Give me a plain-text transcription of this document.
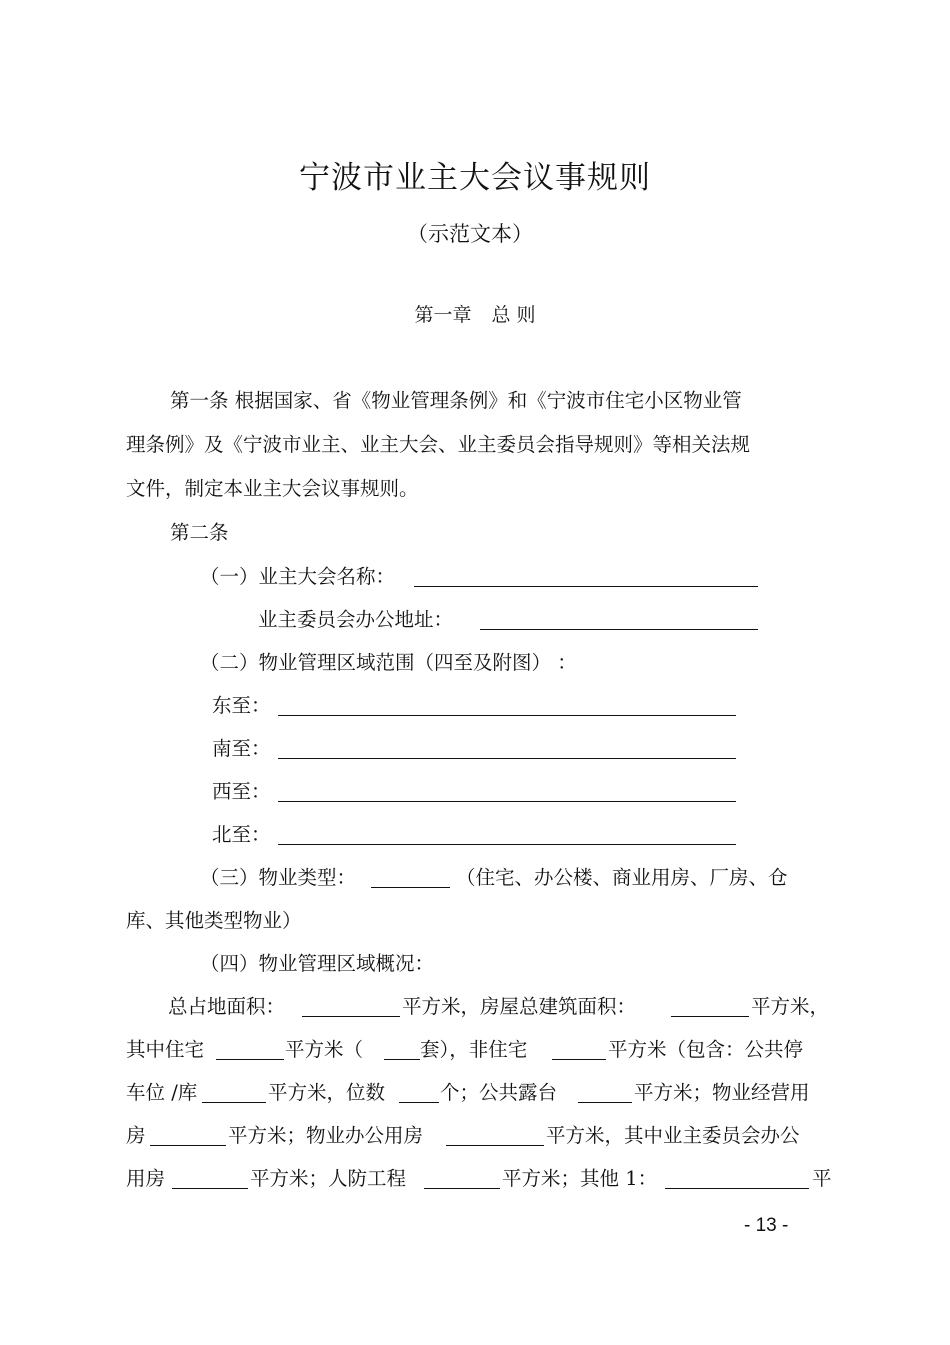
宁波市业主大会议事规则
（示范文本）
第一章 总 则
第一条 根据国家、省《物业管理条例》和《宁波市住宅小区物业管
理条例》及《宁波市业主、业主大会、业主委员会指导规则》等相关法规
文件，制定本业主大会议事规则。
第二条
（一）业主大会名称：
业主委员会办公地址：
（二）物业管理区域范围（四至及附图） ：
东至：
南至：
西至：
北至：
（三）物业类型：	（住宅、办公楼、商业用房、厂房、仓
库、其他类型物业）
（四）物业管理区域概况：
总占地面积：	平方米，房屋总建筑面积：	平方米，
其中住宅	平方米（	套），非住宅	平方米（包含：公共停
车位 /库	平方米，位数	个；公共露台	平方米；物业经营用
房	平方米；物业办公用房	平方米，其中业主委员会办公
用房	平方米；人防工程	平方米；其他 1：	平
- 13 -
